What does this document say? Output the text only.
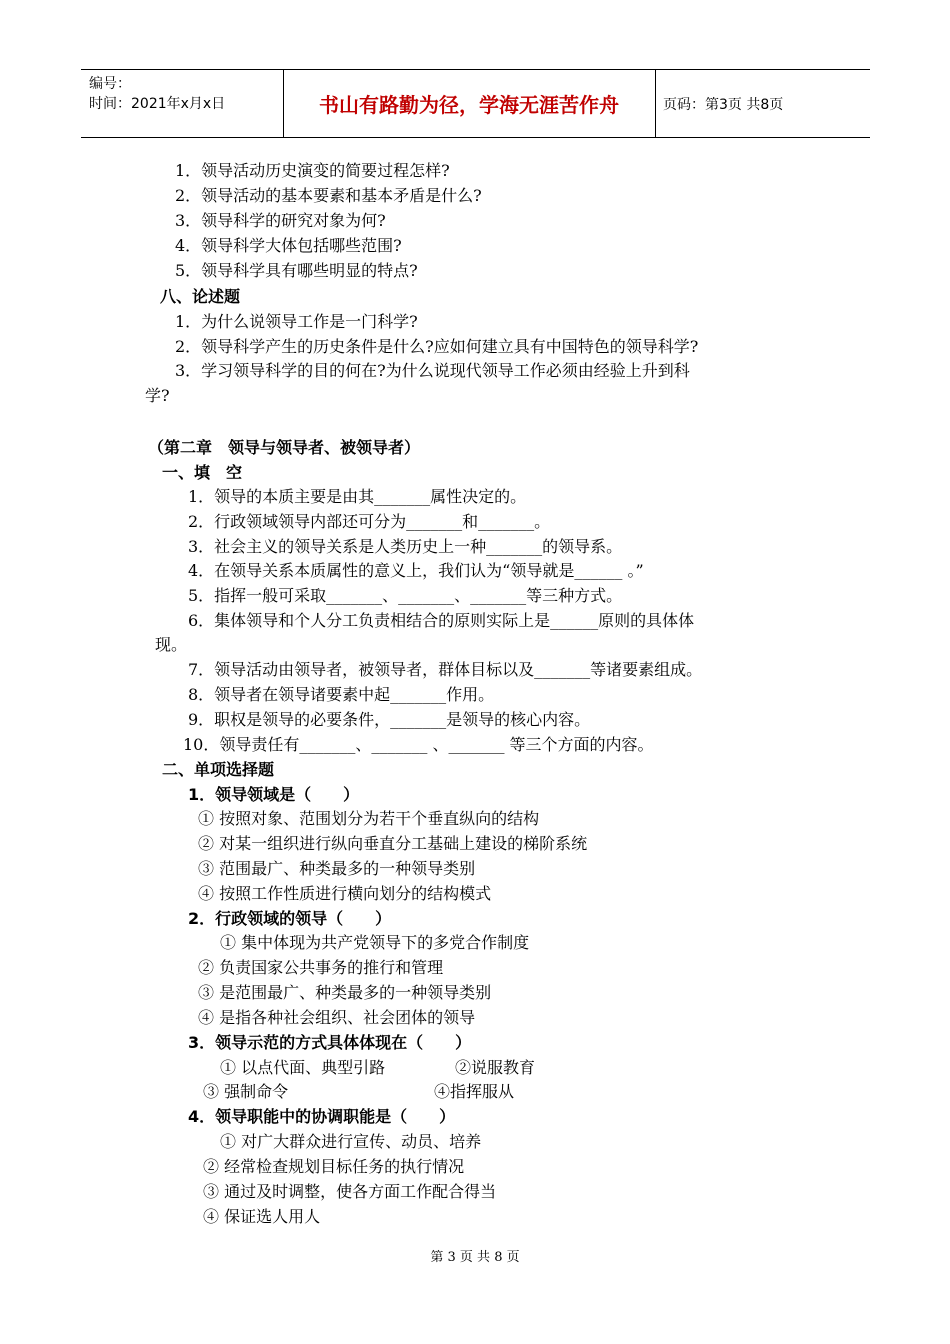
编号：
时间：2021年x月x日	书山有路勤为径，学海无涯苦作舟	页码：第3页 共8页
1．领导活动历史演变的简要过程怎样?
2．领导活动的基本要素和基本矛盾是什么?
3．领导科学的研究对象为何?
4．领导科学大体包括哪些范围?
5．领导科学具有哪些明显的特点?
八、论述题
1．为什么说领导工作是一门科学?
2．领导科学产生的历史条件是什么?应如何建立具有中国特色的领导科学?
3．学习领导科学的目的何在?为什么说现代领导工作必须由经验上升到科
学?
（第二章　领导与领导者、被领导者）
一、填　空
1．领导的本质主要是由其_______属性决定的。
2．行政领域领导内部还可分为_______和_______。
3．社会主义的领导关系是人类历史上一种_______的领导系。
4．在领导关系本质属性的意义上，我们认为“领导就是______ 。”
5．指挥一般可采取_______、_______、_______等三种方式。
6．集体领导和个人分工负责相结合的原则实际上是______原则的具体体
现。
7．领导活动由领导者，被领导者，群体目标以及_______等诸要素组成。
8．领导者在领导诸要素中起_______作用。
9．职权是领导的必要条件，_______是领导的核心内容。
10．领导责任有_______、_______ 、_______ 等三个方面的内容。
二、单项选择题
1．领导领域是（　　）
① 按照对象、范围划分为若干个垂直纵向的结构
② 对某一组织进行纵向垂直分工基础上建设的梯阶系统
③ 范围最广、种类最多的一种领导类别
④ 按照工作性质进行横向划分的结构模式
2．行政领域的领导（　　）
① 集中体现为共产党领导下的多党合作制度
② 负责国家公共事务的推行和管理
③ 是范围最广、种类最多的一种领导类别
④ 是指各种社会组织、社会团体的领导
3．领导示范的方式具体体现在（　　）
① 以点代面、典型引路	②说服教育
③ 强制命令	④指挥服从
4．领导职能中的协调职能是（　　）
① 对广大群众进行宣传、动员、培养
② 经常检查规划目标任务的执行情况
③ 通过及时调整，使各方面工作配合得当
④ 保证选人用人
第 3 页 共 8 页
